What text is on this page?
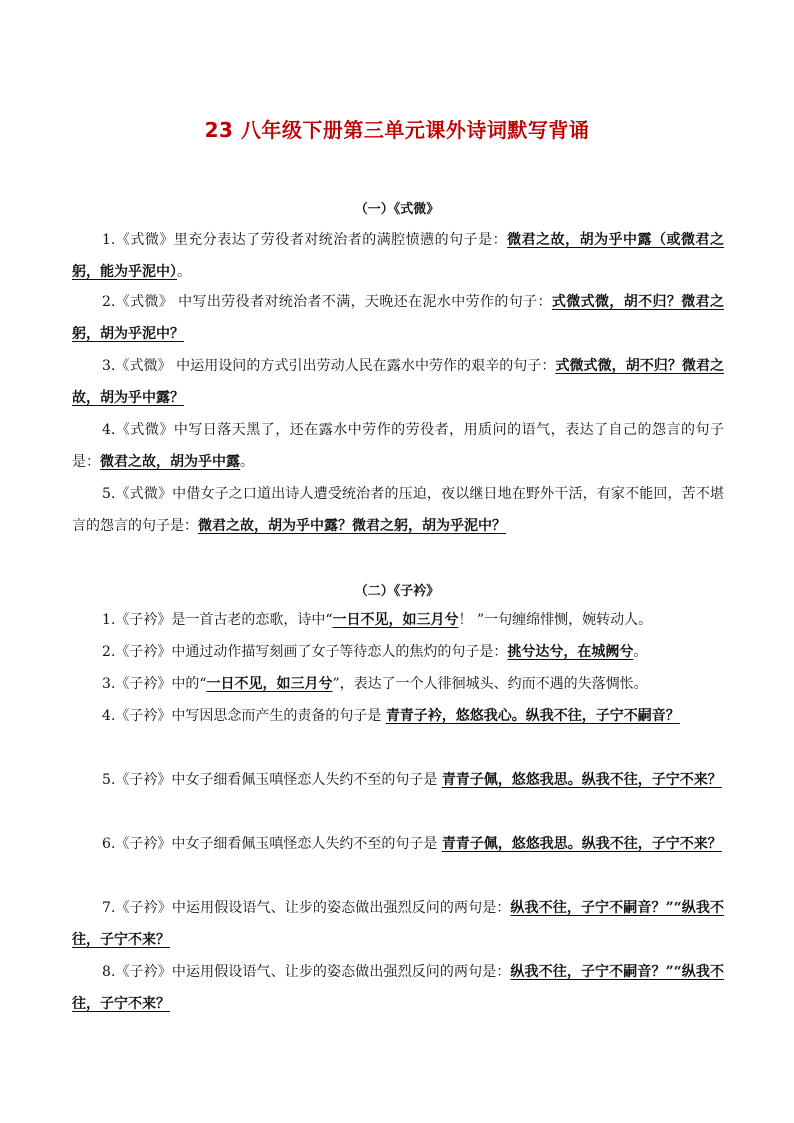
23 八年级下册第三单元课外诗词默写背诵
（一）《式微》

1.《式微》里充分表达了劳役者对统治者的满腔愤懑的句子是：微君之故，胡为乎中露（或微君之躬，能为乎泥中）。

2.《式微》 中写出劳役者对统治者不满，天晚还在泥水中劳作的句子：式微式微，胡不归？微君之躬，胡为乎泥中？

3.《式微》 中运用设问的方式引出劳动人民在露水中劳作的艰辛的句子：式微式微，胡不归？微君之故，胡为乎中露？

4.《式微》中写日落天黑了，还在露水中劳作的劳役者，用质问的语气，表达了自己的怨言的句子是：微君之故，胡为乎中露。

5.《式微》中借女子之口道出诗人遭受统治者的压迫，夜以继日地在野外干活，有家不能回，苦不堪言的怨言的句子是：微君之故，胡为乎中露？微君之躬，胡为乎泥中？

（二）《子衿》

1.《子衿》是一首古老的恋歌，诗中“一日不见，如三月兮！ ”一句缠绵悱恻，婉转动人。

2.《子衿》中通过动作描写刻画了女子等待恋人的焦灼的句子是：挑兮达兮，在城阙兮。

3.《子衿》中的“一日不见，如三月兮”，表达了一个人徘徊城头、约而不遇的失落惆怅。

4.《子衿》中写因思念而产生的责备的句子是 青青子衿，悠悠我心。纵我不往，子宁不嗣音？

5.《子衿》中女子细看佩玉嗔怪恋人失约不至的句子是 青青子佩，悠悠我思。纵我不往，子宁不来？

6.《子衿》中女子细看佩玉嗔怪恋人失约不至的句子是 青青子佩，悠悠我思。纵我不往，子宁不来？

7.《子衿》中运用假设语气、让步的姿态做出强烈反问的两句是：纵我不往，子宁不嗣音？”“纵我不往，子宁不来？

8.《子衿》中运用假设语气、让步的姿态做出强烈反问的两句是：纵我不往，子宁不嗣音？”“纵我不往，子宁不来？
